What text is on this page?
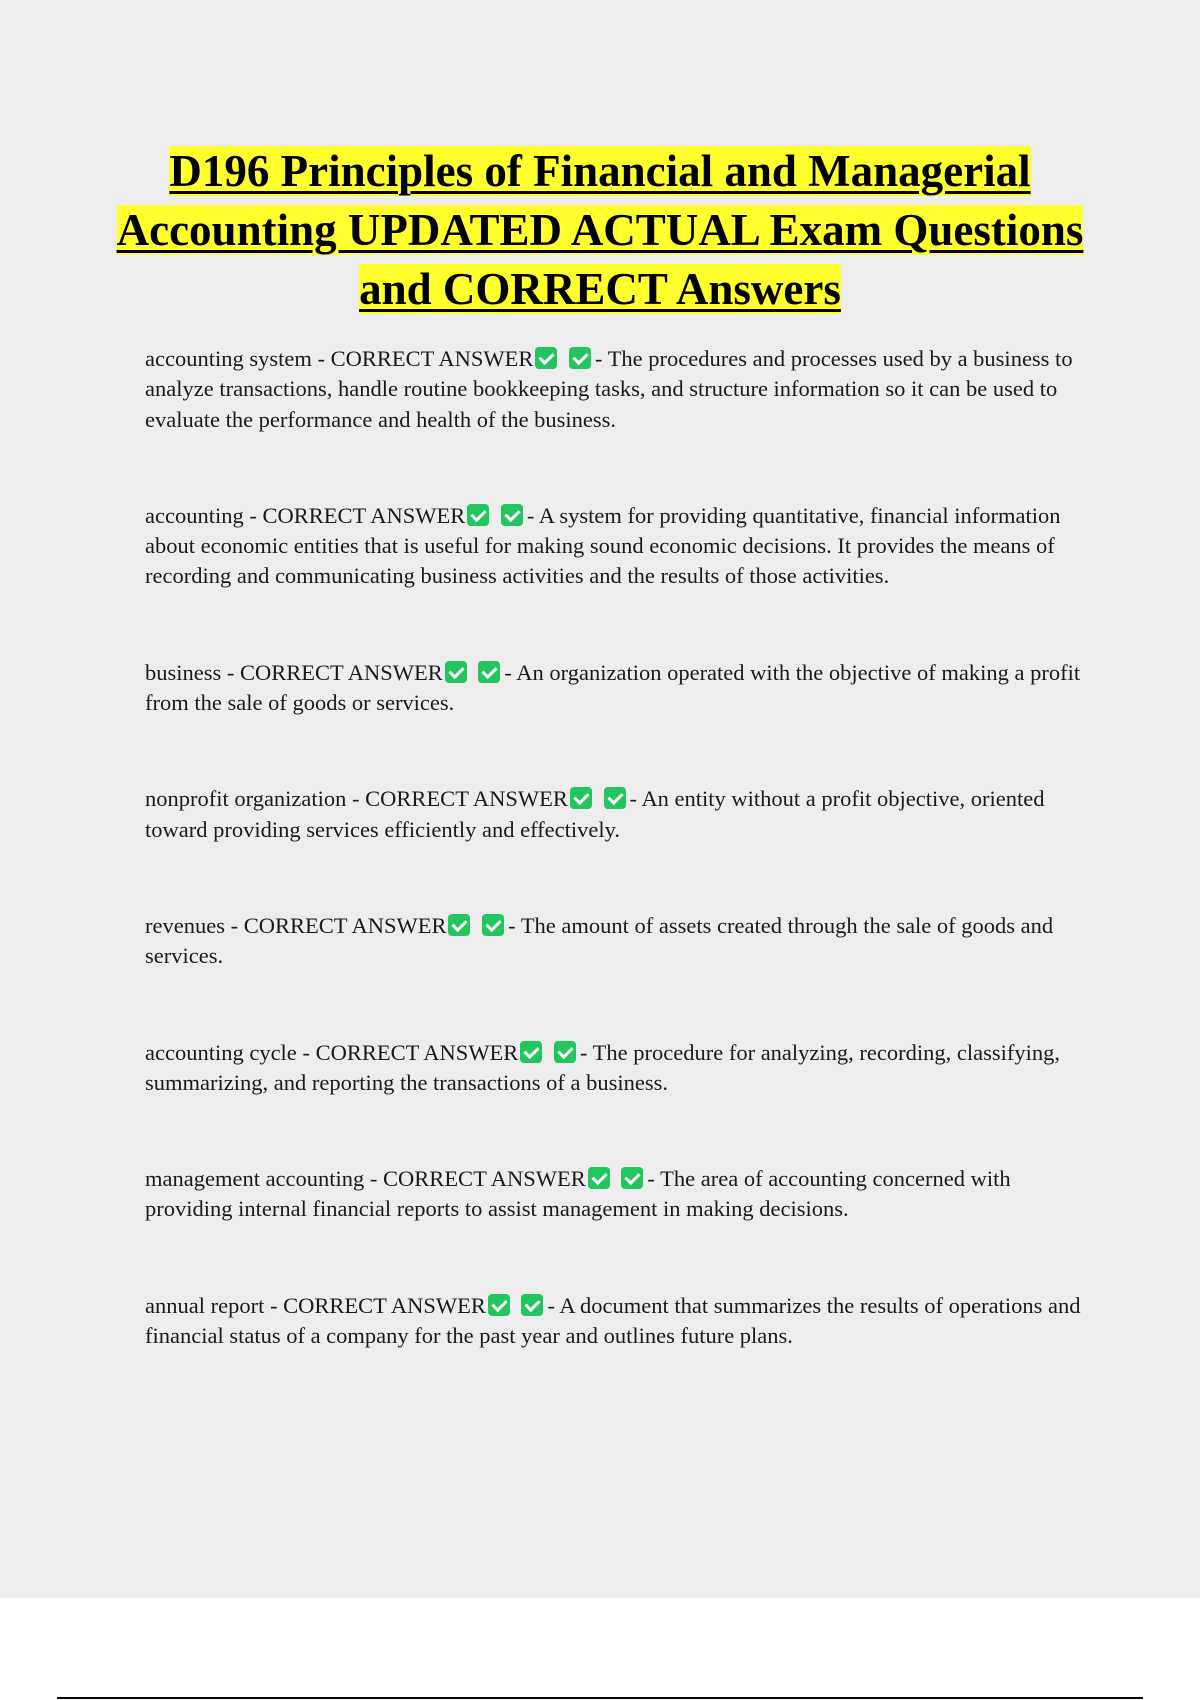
D196 Principles of Financial and Managerial Accounting UPDATED ACTUAL Exam Questions and CORRECT Answers

accounting system - CORRECT ANSWER	- The procedures and processes used by a business to analyze transactions, handle routine bookkeeping tasks, and structure information so it can be used to evaluate the performance and health of the business.

accounting - CORRECT ANSWER	- A system for providing quantitative, financial information about economic entities that is useful for making sound economic decisions. It provides the means of recording and communicating business activities and the results of those activities.

business - CORRECT ANSWER	- An organization operated with the objective of making a profit from the sale of goods or services.

nonprofit organization - CORRECT ANSWER	- An entity without a profit objective, oriented toward providing services efficiently and effectively.

revenues - CORRECT ANSWER	- The amount of assets created through the sale of goods and services.

accounting cycle - CORRECT ANSWER	- The procedure for analyzing, recording, classifying, summarizing, and reporting the transactions of a business.

management accounting - CORRECT ANSWER	- The area of accounting concerned with providing internal financial reports to assist management in making decisions.

annual report - CORRECT ANSWER	- A document that summarizes the results of operations and financial status of a company for the past year and outlines future plans.
